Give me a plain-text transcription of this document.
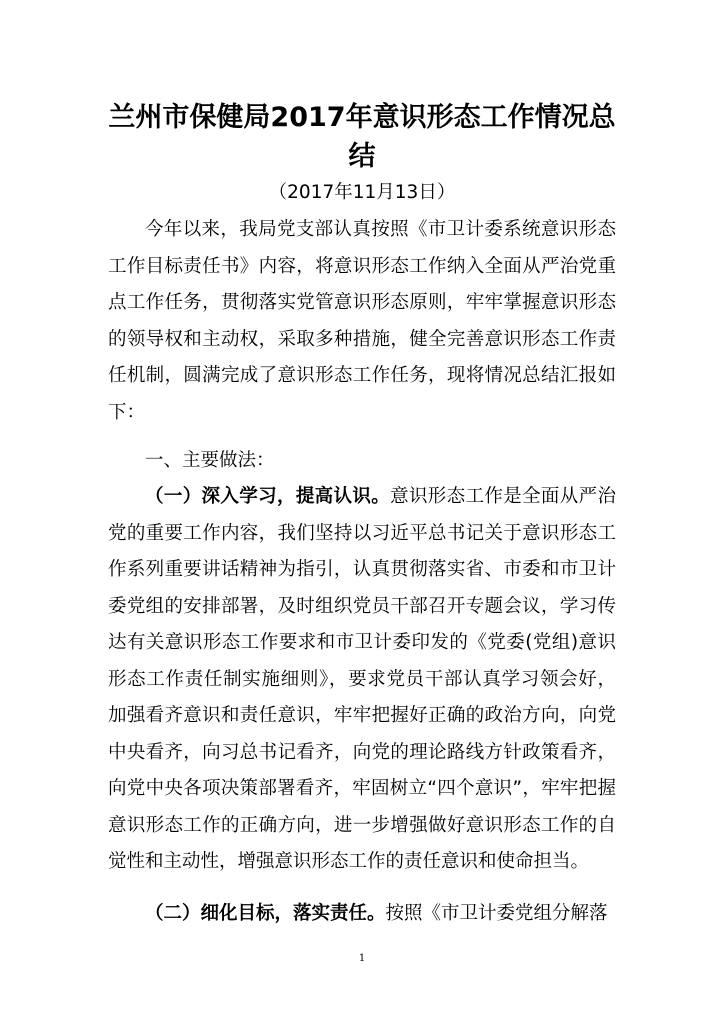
兰州市保健局2017年意识形态工作情况总结
（2017年11月13日）

今年以来，我局党支部认真按照《市卫计委系统意识形态工作目标责任书》内容，将意识形态工作纳入全面从严治党重点工作任务，贯彻落实党管意识形态原则，牢牢掌握意识形态的领导权和主动权，采取多种措施，健全完善意识形态工作责任机制，圆满完成了意识形态工作任务，现将情况总结汇报如下：

一、主要做法：

（一）深入学习，提高认识。意识形态工作是全面从严治党的重要工作内容，我们坚持以习近平总书记关于意识形态工作系列重要讲话精神为指引，认真贯彻落实省、市委和市卫计委党组的安排部署，及时组织党员干部召开专题会议，学习传达有关意识形态工作要求和市卫计委印发的《党委(党组)意识形态工作责任制实施细则》，要求党员干部认真学习领会好，加强看齐意识和责任意识，牢牢把握好正确的政治方向，向党中央看齐，向习总书记看齐，向党的理论路线方针政策看齐，向党中央各项决策部署看齐，牢固树立“四个意识”，牢牢把握意识形态工作的正确方向，进一步增强做好意识形态工作的自觉性和主动性，增强意识形态工作的责任意识和使命担当。

（二）细化目标，落实责任。按照《市卫计委党组分解落

1
